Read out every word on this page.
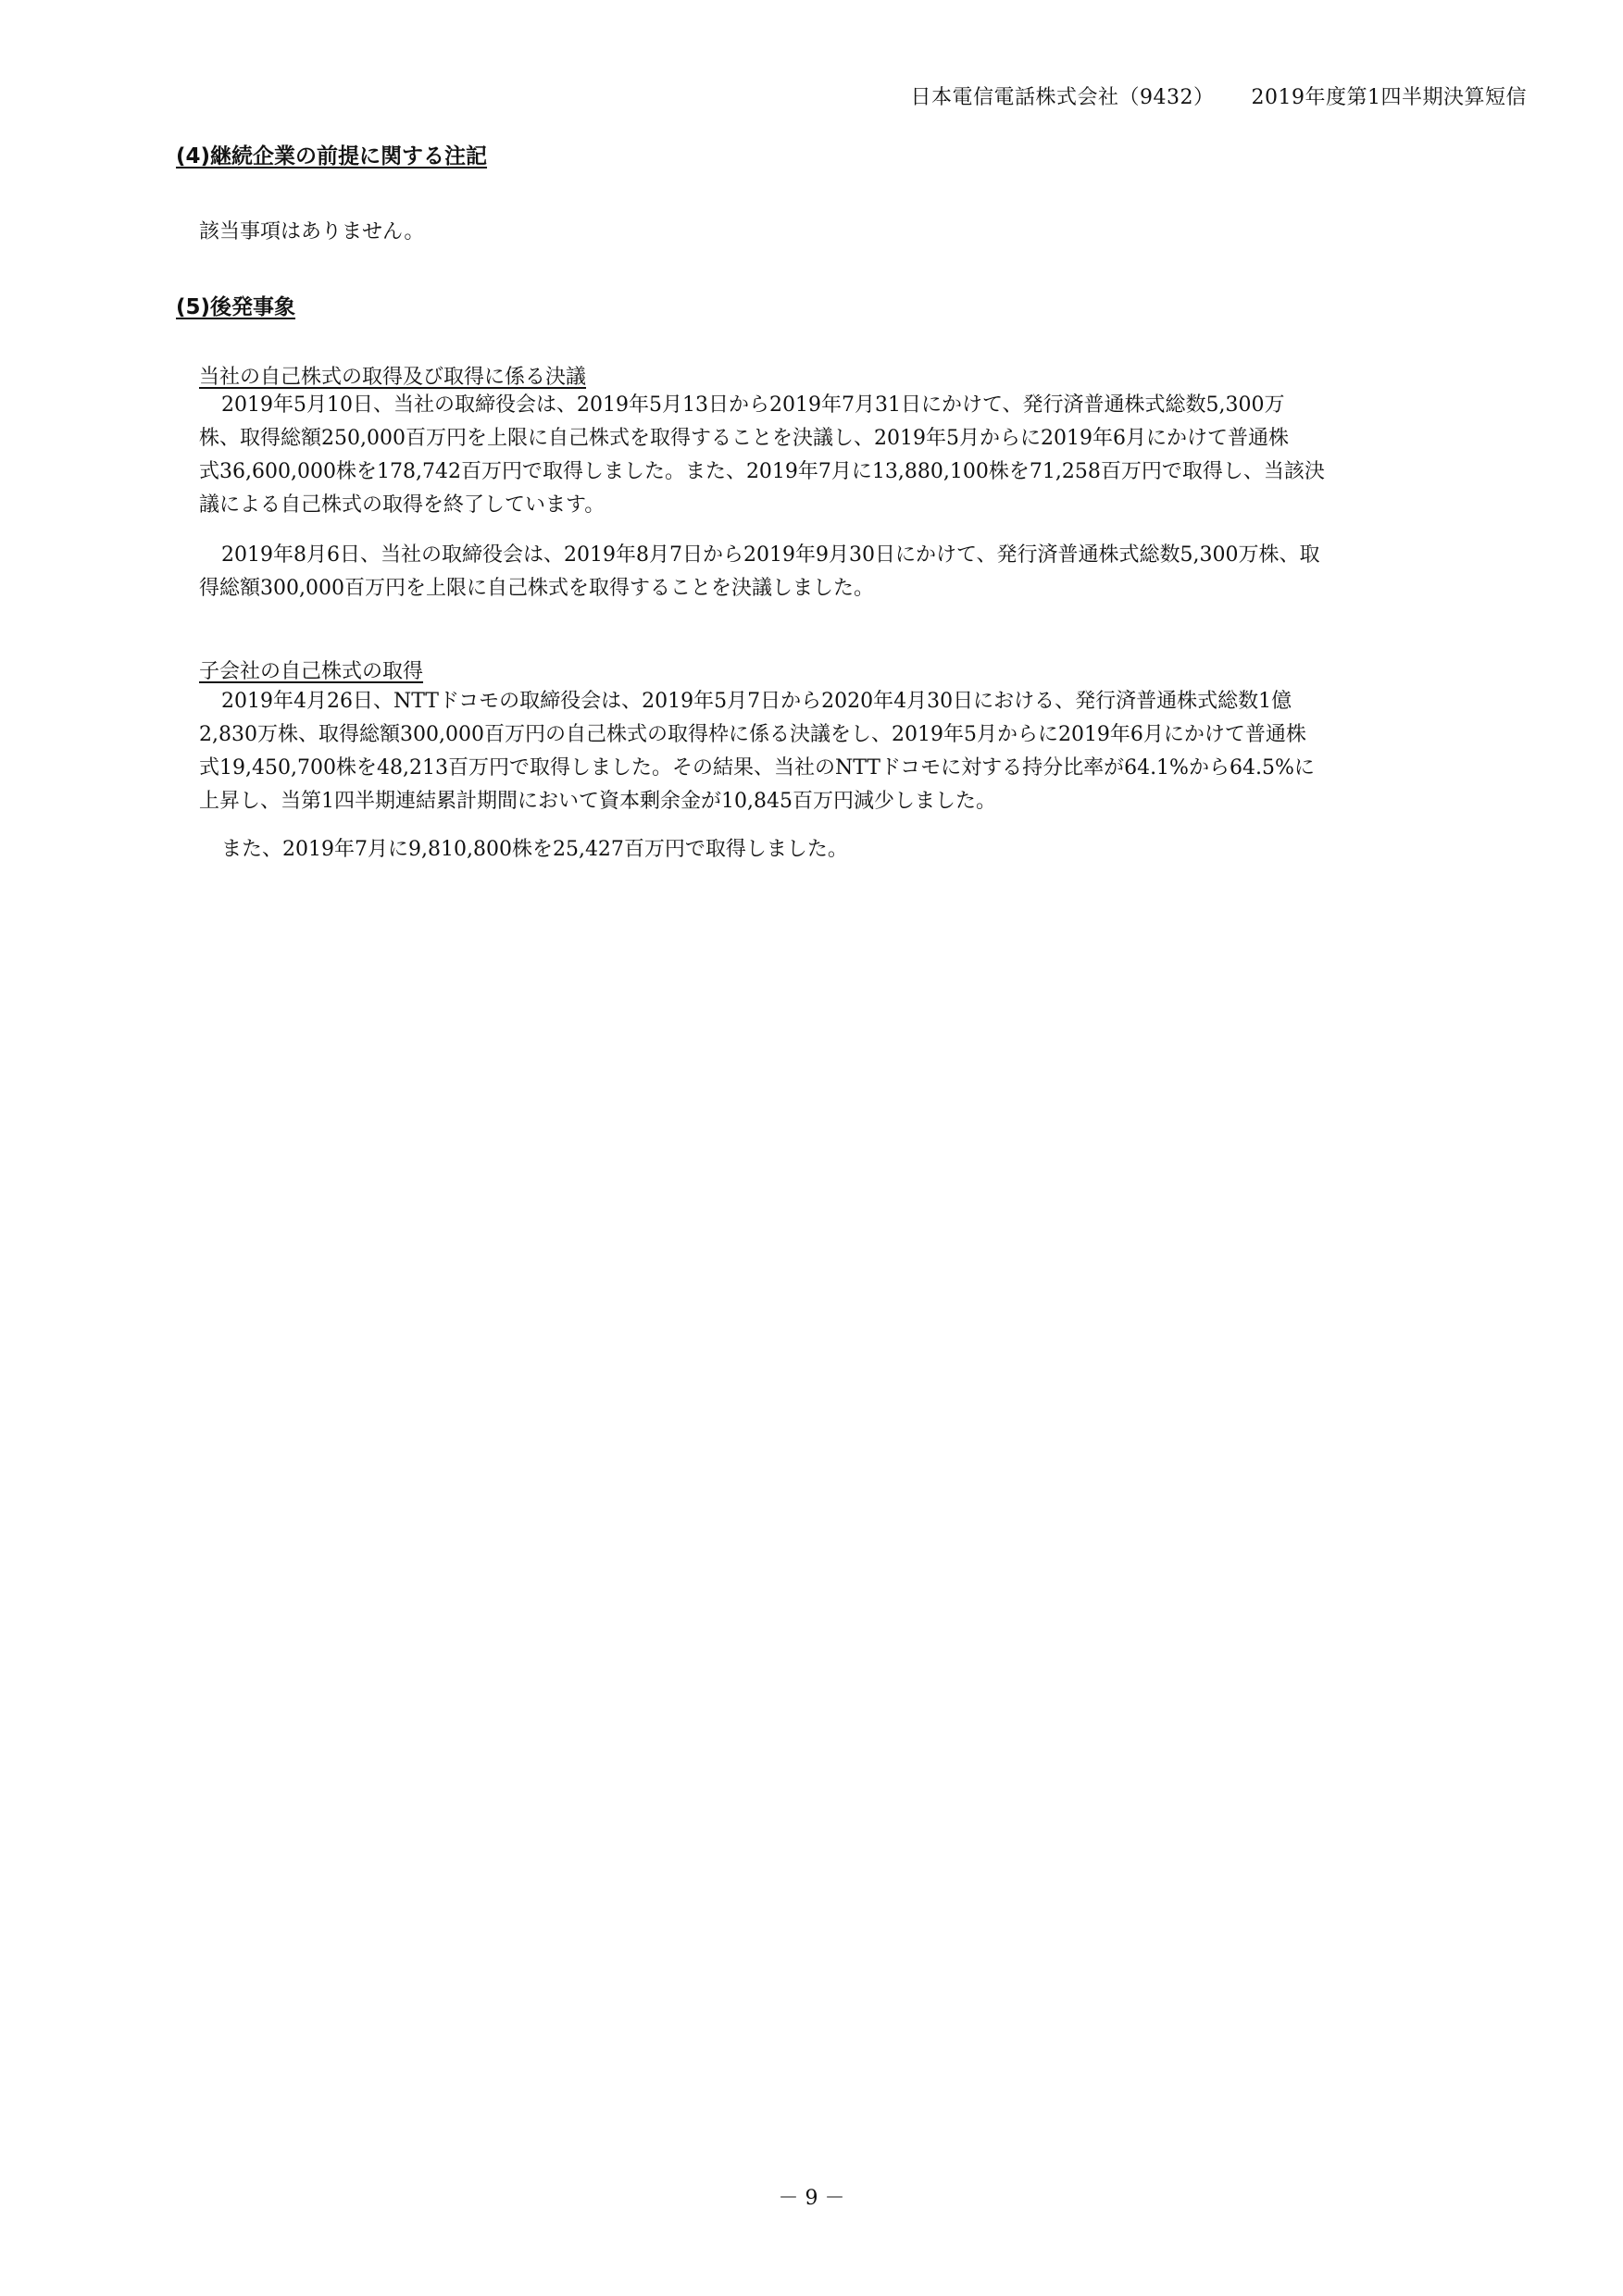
日本電信電話株式会社（9432） 2019年度第1四半期決算短信
(4)継続企業の前提に関する注記
該当事項はありません。
(5)後発事象
当社の自己株式の取得及び取得に係る決議
2019年5月10日、当社の取締役会は、2019年5月13日から2019年7月31日にかけて、発行済普通株式総数5,300万
株、取得総額250,000百万円を上限に自己株式を取得することを決議し、2019年5月からに2019年6月にかけて普通株
式36,600,000株を178,742百万円で取得しました。また、2019年7月に13,880,100株を71,258百万円で取得し、当該決
議による自己株式の取得を終了しています。
2019年8月6日、当社の取締役会は、2019年8月7日から2019年9月30日にかけて、発行済普通株式総数5,300万株、取
得総額300,000百万円を上限に自己株式を取得することを決議しました。
子会社の自己株式の取得
2019年4月26日、NTTドコモの取締役会は、2019年5月7日から2020年4月30日における、発行済普通株式総数1億
2,830万株、取得総額300,000百万円の自己株式の取得枠に係る決議をし、2019年5月からに2019年6月にかけて普通株
式19,450,700株を48,213百万円で取得しました。その結果、当社のNTTドコモに対する持分比率が64.1%から64.5%に
上昇し、当第1四半期連結累計期間において資本剰余金が10,845百万円減少しました。
また、2019年7月に9,810,800株を25,427百万円で取得しました。
－ 9 －
